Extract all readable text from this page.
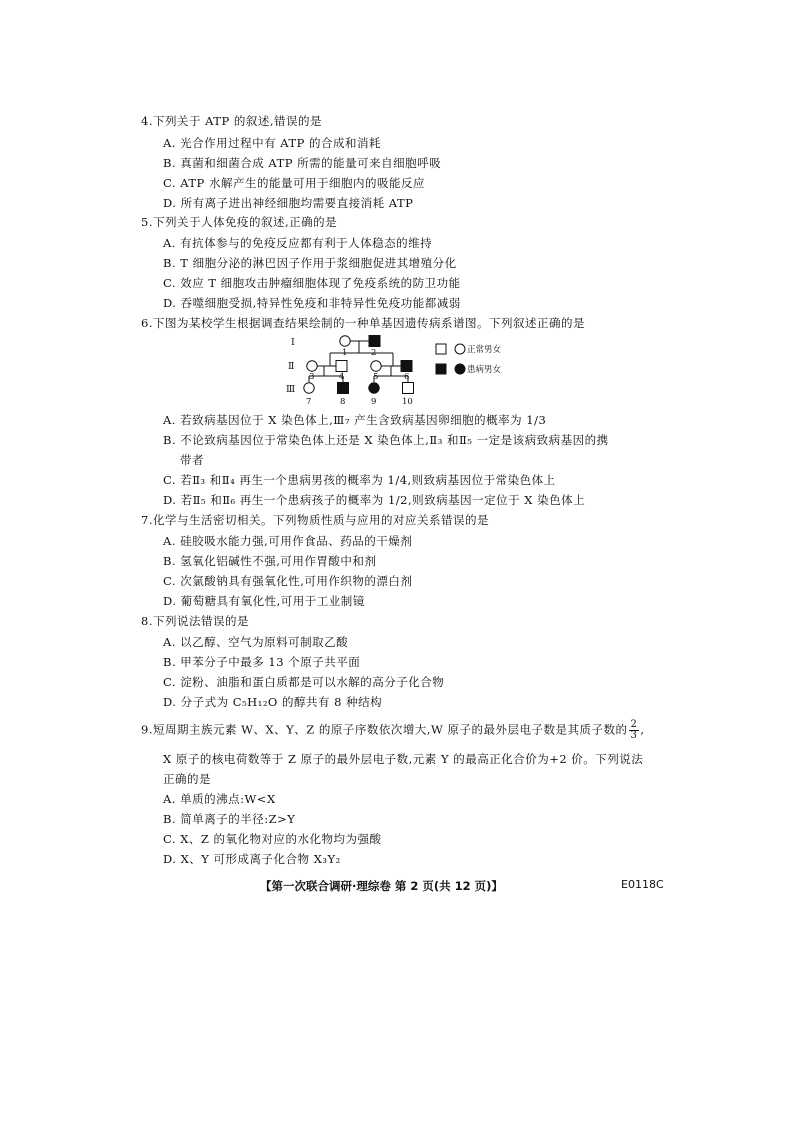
4.下列关于 ATP 的叙述,错误的是
A. 光合作用过程中有 ATP 的合成和消耗
B. 真菌和细菌合成 ATP 所需的能量可来自细胞呼吸
C. ATP 水解产生的能量可用于细胞内的吸能反应
D. 所有离子进出神经细胞均需要直接消耗 ATP
5.下列关于人体免疫的叙述,正确的是
A. 有抗体参与的免疫反应都有利于人体稳态的维持
B. T 细胞分泌的淋巴因子作用于浆细胞促进其增殖分化
C. 效应 T 细胞攻击肿瘤细胞体现了免疫系统的防卫功能
D. 吞噬细胞受损,特异性免疫和非特异性免疫功能都减弱
6.下图为某校学生根据调查结果绘制的一种单基因遗传病系谱图。下列叙述正确的是
Ⅰ
Ⅱ
Ⅲ
1	2
3	4	5	6
7	8	9	10
正常男女
患病男女
A. 若致病基因位于 X 染色体上,Ⅲ₇ 产生含致病基因卵细胞的概率为 1/3
B. 不论致病基因位于常染色体上还是 X 染色体上,Ⅱ₃ 和Ⅱ₅ 一定是该病致病基因的携
带者
C. 若Ⅱ₃ 和Ⅱ₄ 再生一个患病男孩的概率为 1/4,则致病基因位于常染色体上
D. 若Ⅱ₅ 和Ⅱ₆ 再生一个患病孩子的概率为 1/2,则致病基因一定位于 X 染色体上
7.化学与生活密切相关。下列物质性质与应用的对应关系错误的是
A. 硅胶吸水能力强,可用作食品、药品的干燥剂
B. 氢氧化铝碱性不强,可用作胃酸中和剂
C. 次氯酸钠具有强氧化性,可用作织物的漂白剂
D. 葡萄糖具有氧化性,可用于工业制镜
8.下列说法错误的是
A. 以乙醇、空气为原料可制取乙酸
B. 甲苯分子中最多 13 个原子共平面
C. 淀粉、油脂和蛋白质都是可以水解的高分子化合物
D. 分子式为 C₅H₁₂O 的醇共有 8 种结构
9.短周期主族元素 W、X、Y、Z 的原子序数依次增大,W 原子的最外层电子数是其质子数的 $\frac{2}{3}$ ,
X 原子的核电荷数等于 Z 原子的最外层电子数,元素 Y 的最高正化合价为+2 价。下列说法
正确的是
A. 单质的沸点:W<X
B. 简单离子的半径:Z>Y
C. X、Z 的氧化物对应的水化物均为强酸
D. X、Y 可形成离子化合物 X₃Y₂
【第一次联合调研·理综卷 第 2 页(共 12 页)】	E0118C
